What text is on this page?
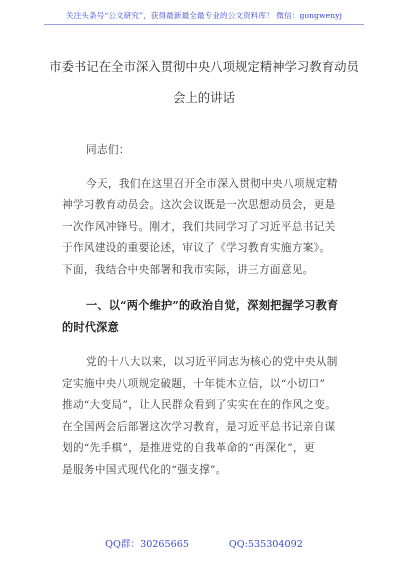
关注头条号“公文研究”，获得最新最全最专业的公文资料库！ 微信：gongwenyj
市委书记在全市深入贯彻中央八项规定精神学习教育动员
会上的讲话
同志们：
今天，我们在这里召开全市深入贯彻中央八项规定精
神学习教育动员会。这次会议既是一次思想动员会，更是
一次作风冲锋号。刚才，我们共同学习了习近平总书记关
于作风建设的重要论述，审议了《学习教育实施方案》。
下面，我结合中央部署和我市实际，讲三方面意见。
一、以“两个维护”的政治自觉，深刻把握学习教育
的时代深意
党的十八大以来，以习近平同志为核心的党中央从制
定实施中央八项规定破题，十年徙木立信，以“小切口”
推动“大变局”，让人民群众看到了实实在在的作风之变。
在全国两会后部署这次学习教育，是习近平总书记亲自谋
划的“先手棋”，是推进党的自我革命的“再深化”，更
是服务中国式现代化的“强支撑”。
QQ群：30265665	QQ:535304092
